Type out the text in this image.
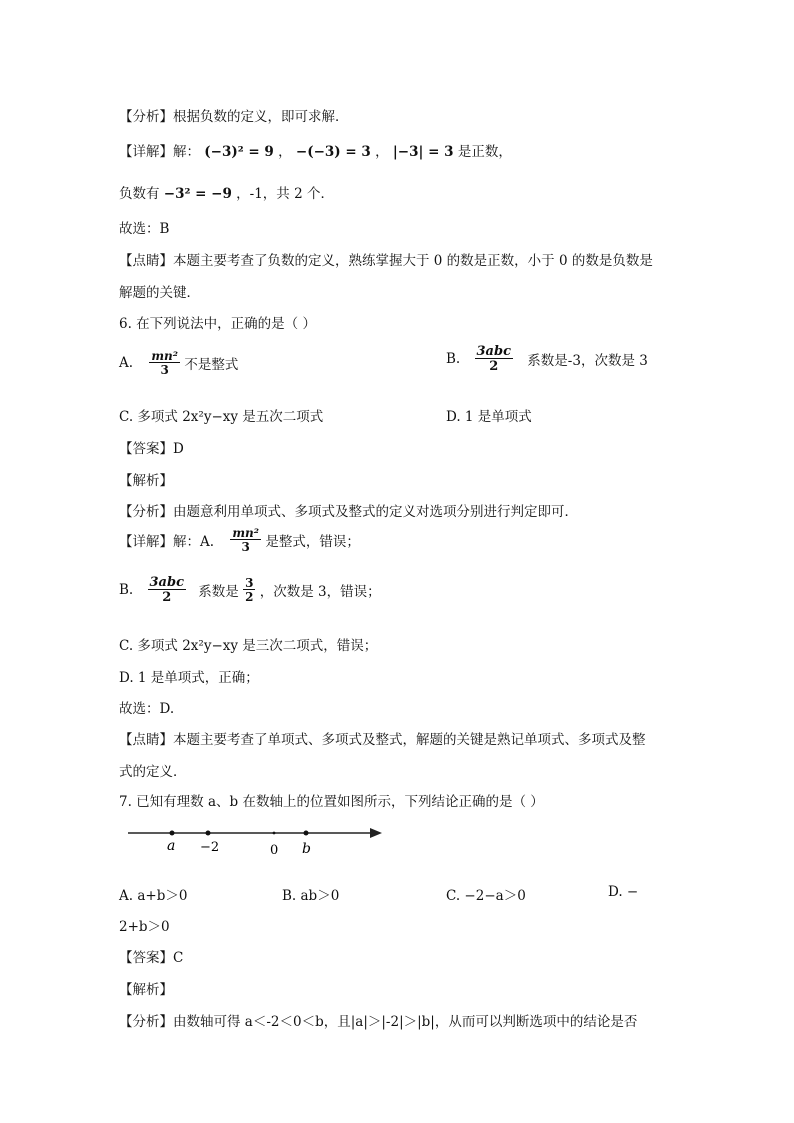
【分析】根据负数的定义，即可求解．
【详解】解： (−3)² = 9 ， −(−3) = 3 ， |−3| = 3 是正数，
负数有 −3² = −9 ，-1，共 2 个．
故选：B
【点睛】本题主要考查了负数的定义，熟练掌握大于 0 的数是正数，小于 0 的数是负数是
解题的关键．
6. 在下列说法中，正确的是（ ）
A. $\frac{\text{mn²}}{3}$ 不是整式	B. $\frac{\text{3abc}}{2}$ 系数是-3，次数是 3
C. 多项式 2x²y−xy 是五次二项式	D. 1 是单项式
【答案】D
【解析】
【分析】由题意利用单项式、多项式及整式的定义对选项分别进行判定即可．
【详解】解：A. $\frac{\text{mn²}}{3}$ 是整式，错误；
B. $\frac{\text{3abc}}{2}$ 系数是 $\frac{3}{2}$ ，次数是 3，错误；
C. 多项式 2x²y−xy 是三次二项式，错误；
D. 1 是单项式，正确；
故选：D.
【点睛】本题主要考查了单项式、多项式及整式，解题的关键是熟记单项式、多项式及整
式的定义．
7. 已知有理数 a、b 在数轴上的位置如图所示，下列结论正确的是（ ）
a −2	0 b
A. a+b＞0	B. ab＞0	C. −2−a＞0	D. −
2+b＞0
【答案】C
【解析】
【分析】由数轴可得 a＜-2＜0＜b，且|a|＞|-2|＞|b|，从而可以判断选项中的结论是否
